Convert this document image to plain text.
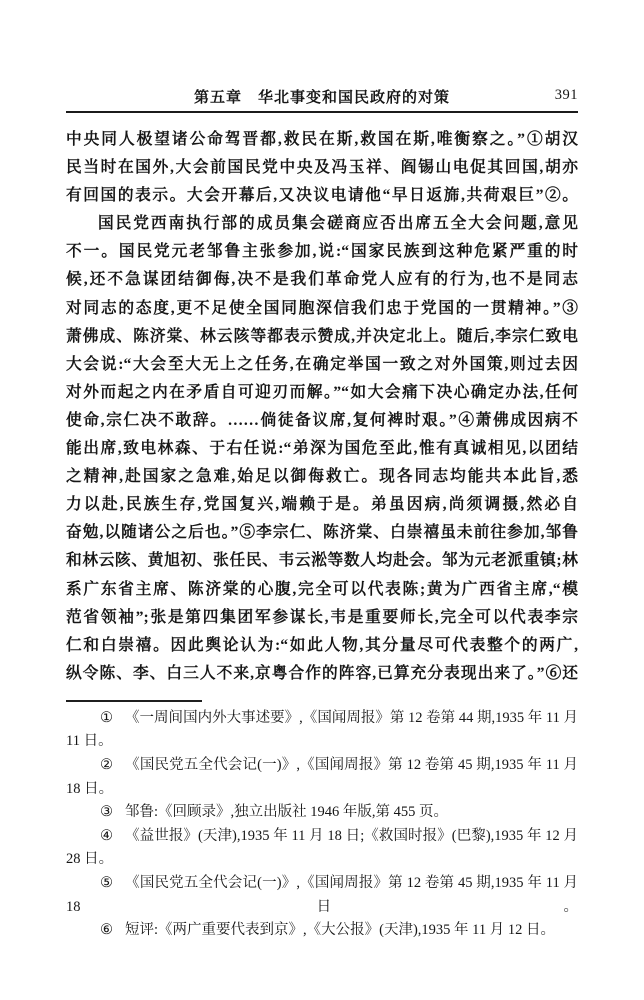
第五章　华北事变和国民政府的对策	391
中央同人极望诸公命驾晋都,救民在斯,救国在斯,唯衡察之。”①胡汉
民当时在国外,大会前国民党中央及冯玉祥、阎锡山电促其回国,胡亦
有回国的表示。大会开幕后,又决议电请他“早日返旆,共荷艰巨”②。
国民党西南执行部的成员集会磋商应否出席五全大会问题,意见
不一。国民党元老邹鲁主张参加,说:“国家民族到这种危紧严重的时
候,还不急谋团结御侮,决不是我们革命党人应有的行为,也不是同志
对同志的态度,更不足使全国同胞深信我们忠于党国的一贯精神。”③
萧佛成、陈济棠、林云陔等都表示赞成,并决定北上。随后,李宗仁致电
大会说:“大会至大无上之任务,在确定举国一致之对外国策,则过去因
对外而起之内在矛盾自可迎刃而解。”“如大会痛下决心确定办法,任何
使命,宗仁决不敢辞。……倘徒备议席,复何裨时艰。”④萧佛成因病不
能出席,致电林森、于右任说:“弟深为国危至此,惟有真诚相见,以团结
之精神,赴国家之急难,始足以御侮救亡。现各同志均能共本此旨,悉
力以赴,民族生存,党国复兴,端赖于是。弟虽因病,尚须调摄,然必自
奋勉,以随诸公之后也。”⑤李宗仁、陈济棠、白崇禧虽未前往参加,邹鲁
和林云陔、黄旭初、张任民、韦云淞等数人均赴会。邹为元老派重镇;林
系广东省主席、陈济棠的心腹,完全可以代表陈;黄为广西省主席,“模
范省领袖”;张是第四集团军参谋长,韦是重要师长,完全可以代表李宗
仁和白崇禧。因此舆论认为:“如此人物,其分量尽可代表整个的两广,
纵令陈、李、白三人不来,京粤合作的阵容,已算充分表现出来了。”⑥还
① 《一周间国内外大事述要》,《国闻周报》第 12 卷第 44 期,1935 年 11 月
11 日。
② 《国民党五全代会记(一)》,《国闻周报》第 12 卷第 45 期,1935 年 11 月
18 日。
③ 邹鲁:《回顾录》,独立出版社 1946 年版,第 455 页。
④ 《益世报》(天津),1935 年 11 月 18 日;《救国时报》(巴黎),1935 年 12 月
28 日。
⑤ 《国民党五全代会记(一)》,《国闻周报》第 12 卷第 45 期,1935 年 11 月18 日。
⑥ 短评:《两广重要代表到京》,《大公报》(天津),1935 年 11 月 12 日。
